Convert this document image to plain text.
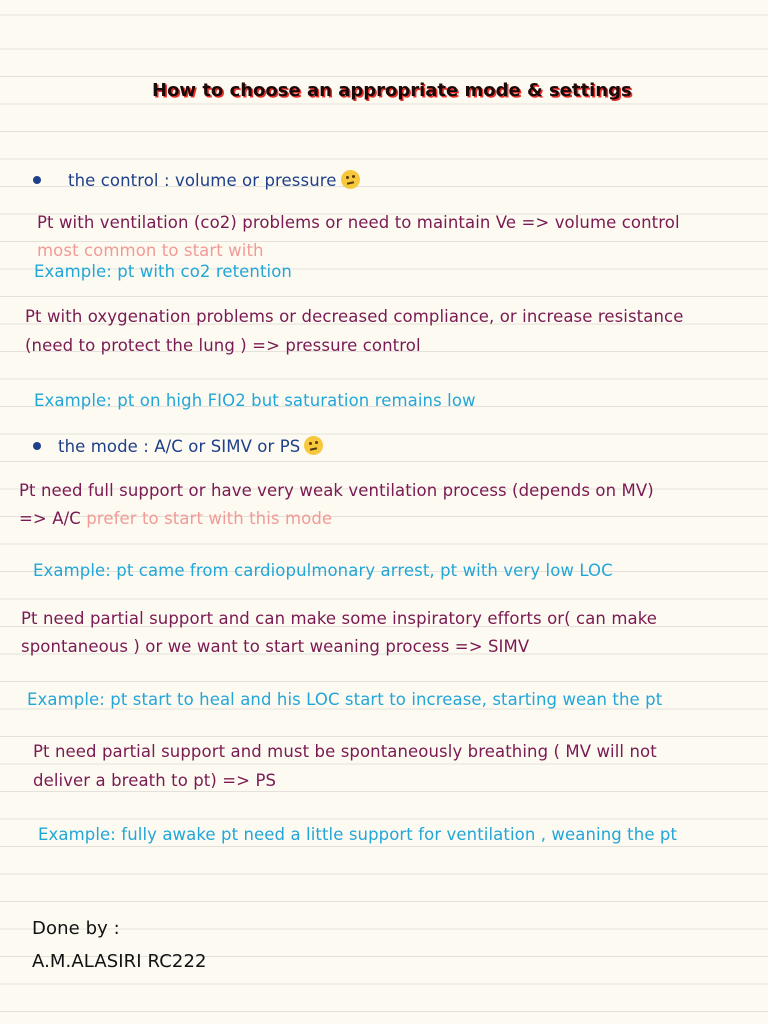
How to choose an appropriate mode & settings
the control : volume or pressure
Pt with ventilation (co2) problems or need to maintain Ve => volume control
most common to start with
Example: pt with co2 retention
Pt with oxygenation problems or decreased compliance, or increase resistance
(need to protect the lung ) => pressure control
Example: pt on high FIO2 but saturation remains low
the mode : A/C or SIMV or PS
Pt need full support or have very weak ventilation process (depends on MV)
=> A/C prefer to start with this mode
Example: pt came from cardiopulmonary arrest, pt with very low LOC
Pt need partial support and can make some inspiratory efforts or( can make
spontaneous ) or we want to start weaning process => SIMV
Example: pt start to heal and his LOC start to increase, starting wean the pt
Pt need partial support and must be spontaneously breathing ( MV will not
deliver a breath to pt) => PS
Example: fully awake pt need a little support for ventilation , weaning the pt
Done by :
A.M.ALASIRI RC222
